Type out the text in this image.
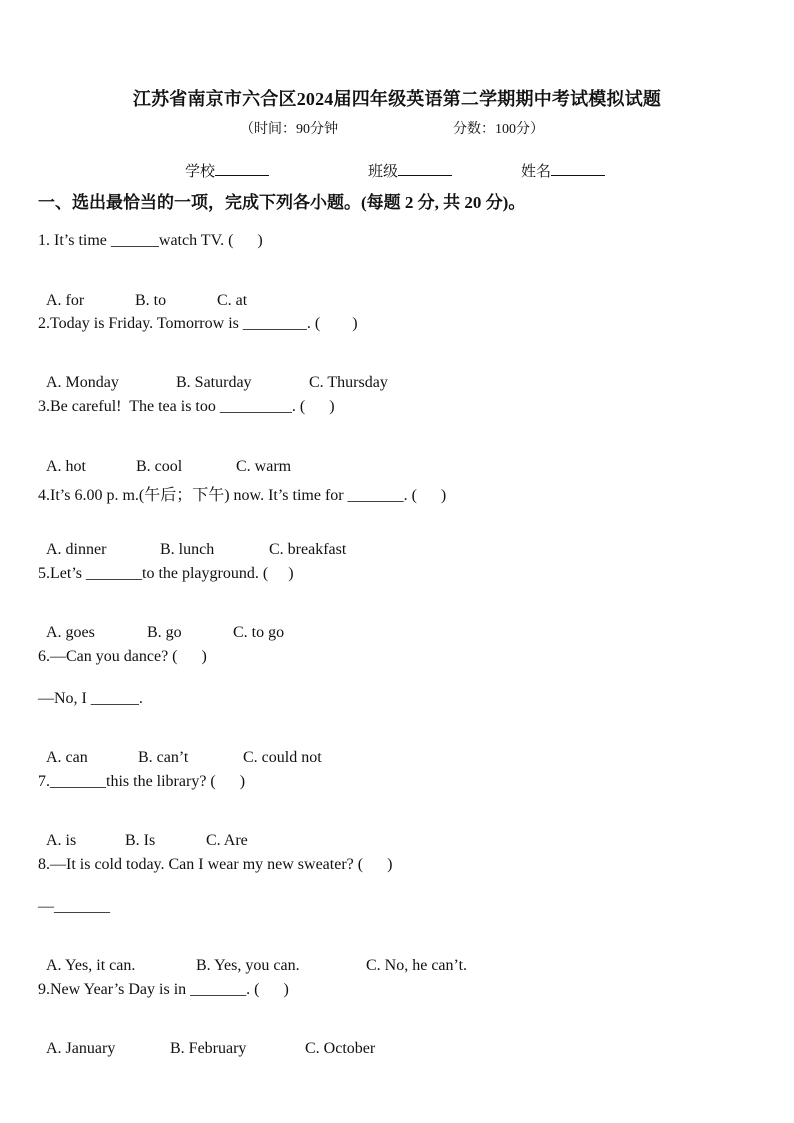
江苏省南京市六合区2024届四年级英语第二学期期中考试模拟试题
（时间：90分钟	分数：100分）
学校	班级	姓名
一、选出最恰当的一项，完成下列各小题。(每题 2 分, 共 20 分)。
1. It’s time ______watch TV. (      )

A. for	B. to	C. at

2.Today is Friday. Tomorrow is ________. (        )

A. Monday	B. Saturday	C. Thursday

3.Be careful!  The tea is too _________. (      )

A. hot	B. cool	C. warm

4.It’s 6.00 p. m.(午后；下午) now. It’s time for _______. (      )

A. dinner	B. lunch	C. breakfast

5.Let’s _______to the playground. (     )

A. goes	B. go	C. to go

6.—Can you dance? (      )
—No, I ______.

A. can	B. can’t	C. could not

7._______this the library? (      )

A. is	B. Is	C. Are

8.—It is cold today. Can I wear my new sweater? (      )
—_______

A. Yes, it can.	B. Yes, you can.	C. No, he can’t.

9.New Year’s Day is in _______. (      )

A. January	B. February	C. October
